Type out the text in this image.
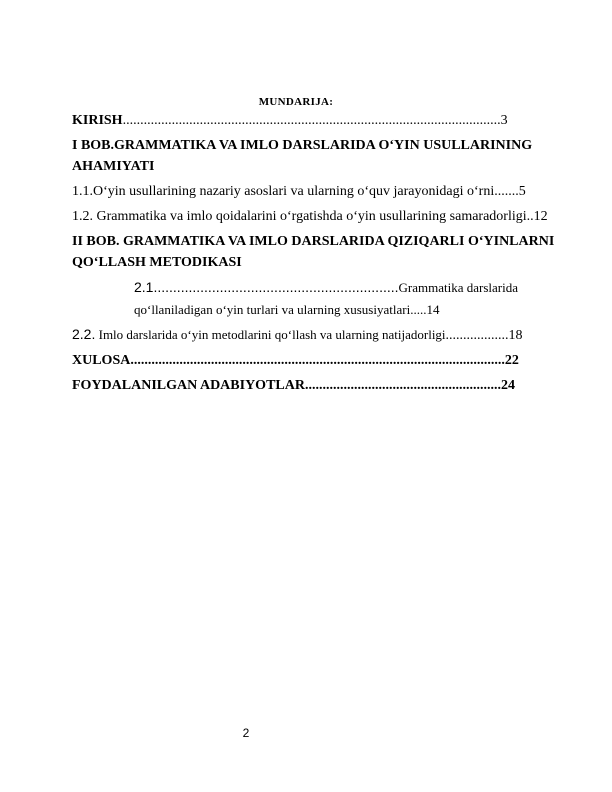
MUNDARIJA:
KIRISH............................................................................................................3
I BOB.GRAMMATIKA VA IMLO DARSLARIDA O‘YIN USULLARINING
AHAMIYATI
1.1.O‘yin usullarining nazariy asoslari va ularning o‘quv jarayonidagi o‘rni.......5
1.2. Grammatika va imlo qoidalarini o‘rgatishda o‘yin usullarining samaradorligi..12
II BOB. GRAMMATIKA VA IMLO DARSLARIDA QIZIQARLI O‘YINLARNI
QO‘LLASH METODIKASI
2.1...............................................................Grammatika darslarida
qo‘llaniladigan o‘yin turlari va ularning xususiyatlari.....14
2.2. Imlo darslarida o‘yin metodlarini qo‘llash va ularning natijadorligi..................18
XULOSA...........................................................................................................22
FOYDALANILGAN ADABIYOTLAR........................................................24
2
